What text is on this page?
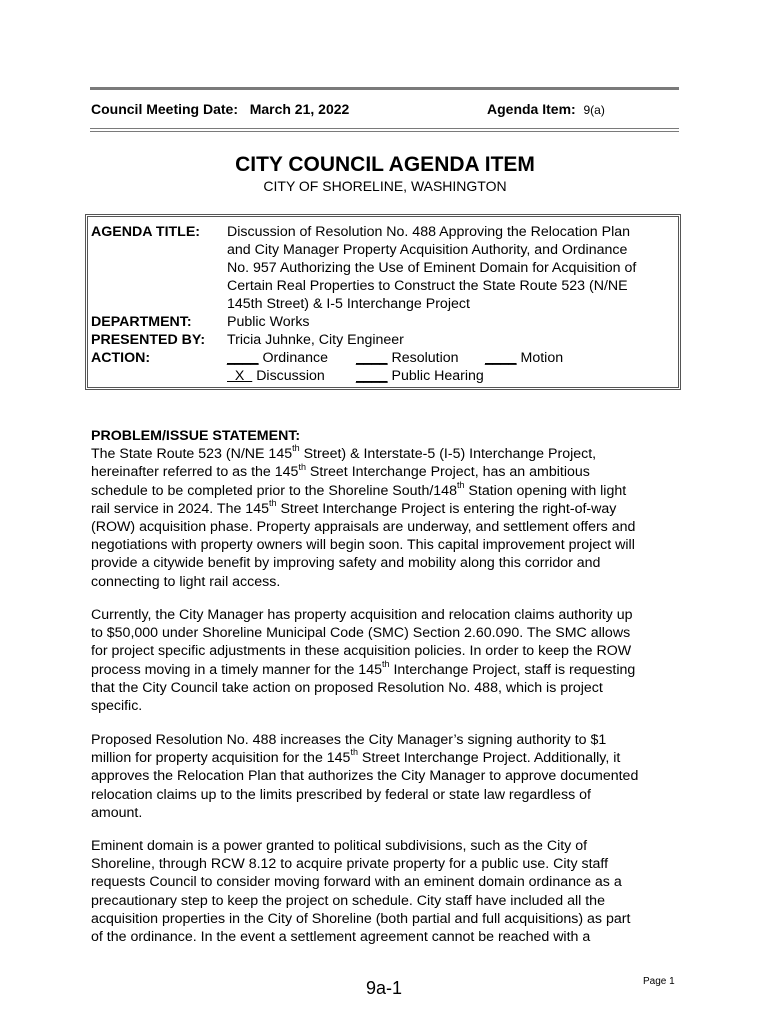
Council Meeting Date: March 21, 2022	Agenda Item: 9(a)
CITY COUNCIL AGENDA ITEM
CITY OF SHORELINE, WASHINGTON
AGENDA TITLE: Discussion of Resolution No. 488 Approving the Relocation Plan
and City Manager Property Acquisition Authority, and Ordinance
No. 957 Authorizing the Use of Eminent Domain for Acquisition of
Certain Real Properties to Construct the State Route 523 (N/NE
145th Street) & I-5 Interchange Project
DEPARTMENT: Public Works
PRESENTED BY: Tricia Juhnke, City Engineer
ACTION:	____ Ordinance ____ Resolution ____ Motion
X   Discussion ____ Public Hearing

PROBLEM/ISSUE STATEMENT:

The State Route 523 (N/NE 145th Street) & Interstate-5 (I-5) Interchange Project,
hereinafter referred to as the 145th Street Interchange Project, has an ambitious
schedule to be completed prior to the Shoreline South/148th Station opening with light
rail service in 2024. The 145th Street Interchange Project is entering the right-of-way
(ROW) acquisition phase. Property appraisals are underway, and settlement offers and
negotiations with property owners will begin soon. This capital improvement project will
provide a citywide benefit by improving safety and mobility along this corridor and
connecting to light rail access.

Currently, the City Manager has property acquisition and relocation claims authority up
to $50,000 under Shoreline Municipal Code (SMC) Section 2.60.090. The SMC allows
for project specific adjustments in these acquisition policies. In order to keep the ROW
process moving in a timely manner for the 145th Interchange Project, staff is requesting
that the City Council take action on proposed Resolution No. 488, which is project
specific.

Proposed Resolution No. 488 increases the City Manager’s signing authority to $1
million for property acquisition for the 145th Street Interchange Project. Additionally, it
approves the Relocation Plan that authorizes the City Manager to approve documented
relocation claims up to the limits prescribed by federal or state law regardless of
amount.

Eminent domain is a power granted to political subdivisions, such as the City of
Shoreline, through RCW 8.12 to acquire private property for a public use. City staff
requests Council to consider moving forward with an eminent domain ordinance as a
precautionary step to keep the project on schedule. City staff have included all the
acquisition properties in the City of Shoreline (both partial and full acquisitions) as part
of the ordinance. In the event a settlement agreement cannot be reached with a

Page 1
9a-1
